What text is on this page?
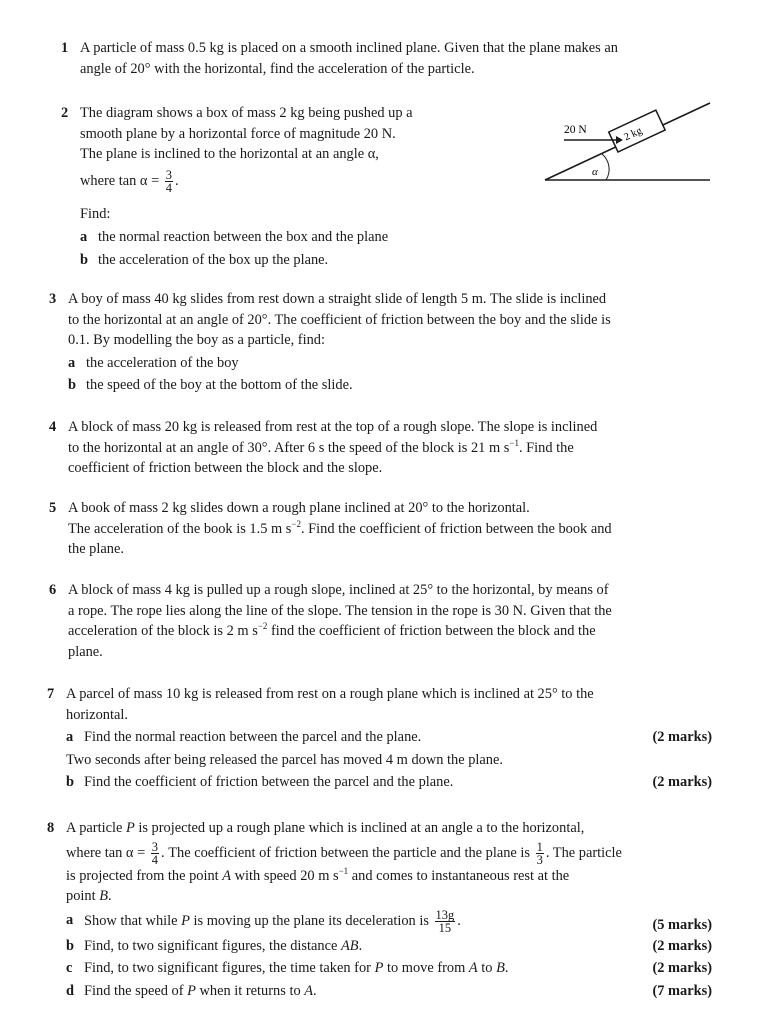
1 A particle of mass 0.5 kg is placed on a smooth inclined plane. Given that the plane makes an
angle of 20° with the horizontal, find the acceleration of the particle.
2 The diagram shows a box of mass 2 kg being pushed up a
smooth plane by a horizontal force of magnitude 20 N.
The plane is inclined to the horizontal at an angle α,
where $\tan \alpha = \frac{3}{4}$ .
Find:
a the normal reaction between the box and the plane
b the acceleration of the box up the plane.
α
2 kg
20 N
3 A boy of mass 40 kg slides from rest down a straight slide of length 5 m. The slide is inclined
to the horizontal at an angle of 20°. The coefficient of friction between the boy and the slide is
0.1. By modelling the boy as a particle, find:
a the acceleration of the boy
b the speed of the boy at the bottom of the slide.
4 A block of mass 20 kg is released from rest at the top of a rough slope. The slope is inclined
to the horizontal at an angle of 30°. After 6 s the speed of the block is 21 m $s^{-1}$. Find the
coefficient of friction between the block and the slope.
5 A book of mass 2 kg slides down a rough plane inclined at 20° to the horizontal.
The acceleration of the book is 1.5 m $s^{-2}$. Find the coefficient of friction between the book and
the plane.
6 A block of mass 4 kg is pulled up a rough slope, inclined at 25° to the horizontal, by means of
a rope. The rope lies along the line of the slope. The tension in the rope is 30 N. Given that the
acceleration of the block is 2 m $s^{-2}$ find the coefficient of friction between the block and the
plane.
7 A parcel of mass 10 kg is released from rest on a rough plane which is inclined at 25° to the
horizontal.
a Find the normal reaction between the parcel and the plane.	(2 marks)
Two seconds after being released the parcel has moved 4 m down the plane.
b Find the coefficient of friction between the parcel and the plane.	(2 marks)
8 A particle P is projected up a rough plane which is inclined at an angle a to the horizontal,
where $\tan \alpha = \frac{3}{4}$ . The coefficient of friction between the particle and the plane is $\frac{1}{3}$ . The particle
is projected from the point A with speed 20 m $s^{-1}$ and comes to instantaneous rest at the
point B.
a Show that while P is moving up the plane its deceleration is $\frac{13g}{15}$ .	(5 marks)
b Find, to two significant figures, the distance AB.	(2 marks)
c Find, to two significant figures, the time taken for P to move from A to B.	(2 marks)
d Find the speed of P when it returns to A.	(7 marks)
